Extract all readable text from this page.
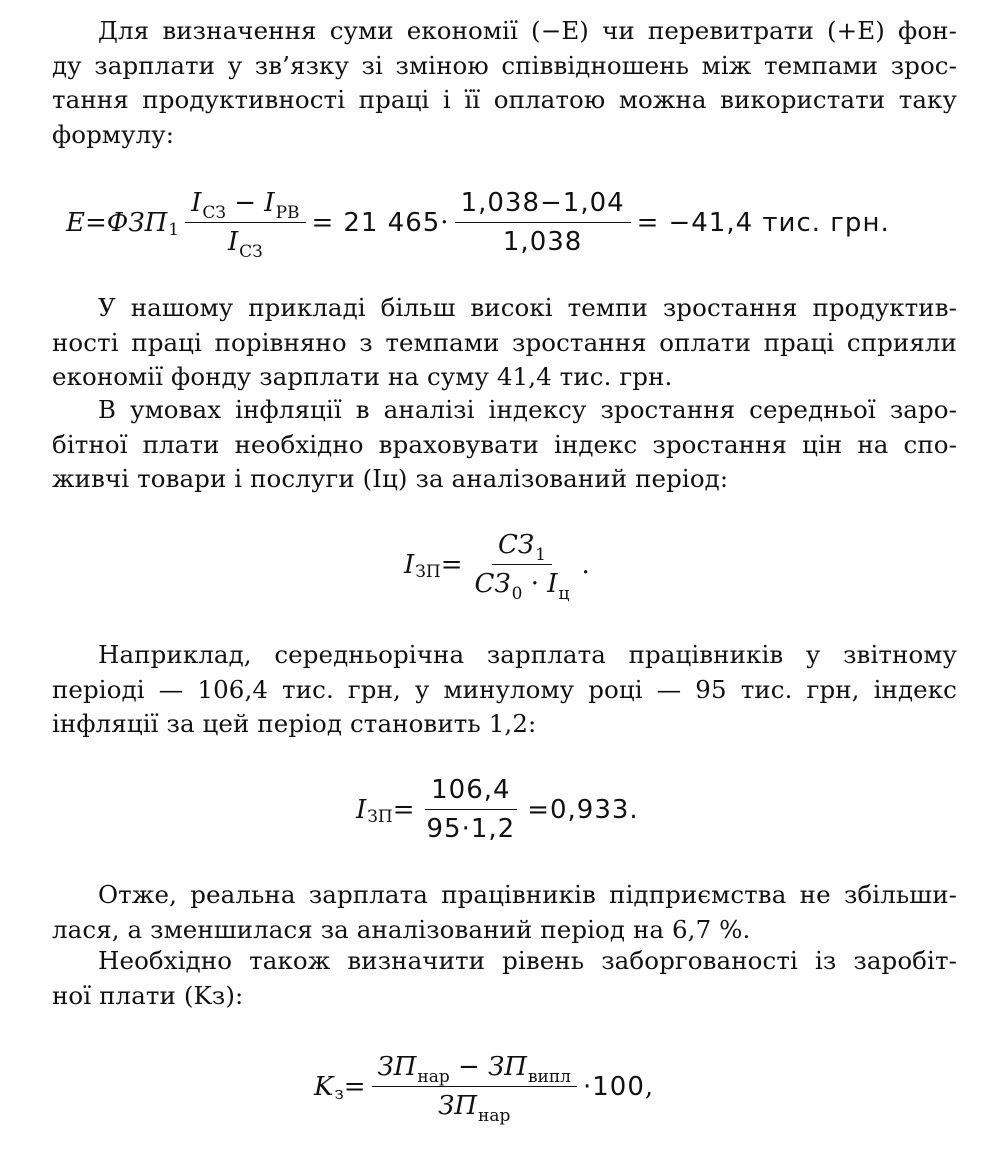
Для визначення суми економії (−E) чи перевитрати (+E) фон-
ду зарплати у зв’язку зі зміною співвідношень між темпами зрос-
тання продуктивності праці і її оплатою можна використати таку
формулу:
E = ФЗП $1 \frac{I_{СЗ} - I_{РВ}}{I_{СЗ}} = 21$ $465 \cdot \frac{1,038-1,04}{1,038} = -41,4$ тис. грн.
У нашому прикладі більш високі темпи зростання продуктив-
ності праці порівняно з темпами зростання оплати праці сприяли
економії фонду зарплати на суму 41,4 тис. грн.
В умовах інфляції в аналізі індексу зростання середньої заро-
бітної плати необхідно враховувати індекс зростання цін на спо-
живчі товари і послуги (Iц) за аналізований період:
I ЗП = $\frac{СЗ_1}{СЗ_0 \cdot I_ц}$ .
Наприклад, середньорічна зарплата працівників у звітному
періоді — 106,4 тис. грн, у минулому році — 95 тис. грн, індекс
інфляції за цей період становить 1,2:
I ЗП = $\frac{106,4}{95\cdot 1,2} =0,933$.
Отже, реальна зарплата працівників підприємства не збільши-
лася, а зменшилася за аналізований період на 6,7 %.
Необхідно також визначити рівень заборгованості із заробіт-
ної плати (Kз):
K $з = \frac{ЗП_{нар} - ЗП_{випл}}{ЗП_{нар}} \cdot 100$ ,
